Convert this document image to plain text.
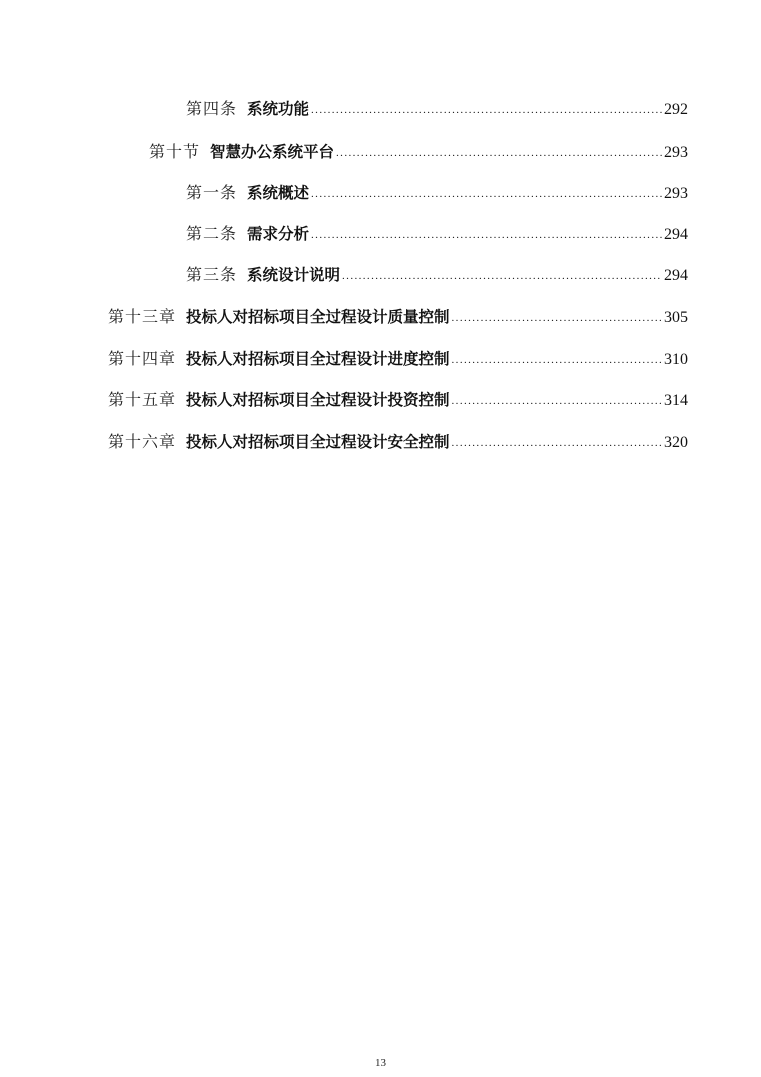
第四条 系统功能 .....	292
第十节 智慧办公系统平台 .....	293
第一条 系统概述 .....	293
第二条 需求分析 .....	294
第三条 系统设计说明 .....	294
第十三章 投标人对招标项目全过程设计质量控制 .....	305
第十四章 投标人对招标项目全过程设计进度控制 .....	310
第十五章 投标人对招标项目全过程设计投资控制 .....	314
第十六章 投标人对招标项目全过程设计安全控制 .....	320
13
